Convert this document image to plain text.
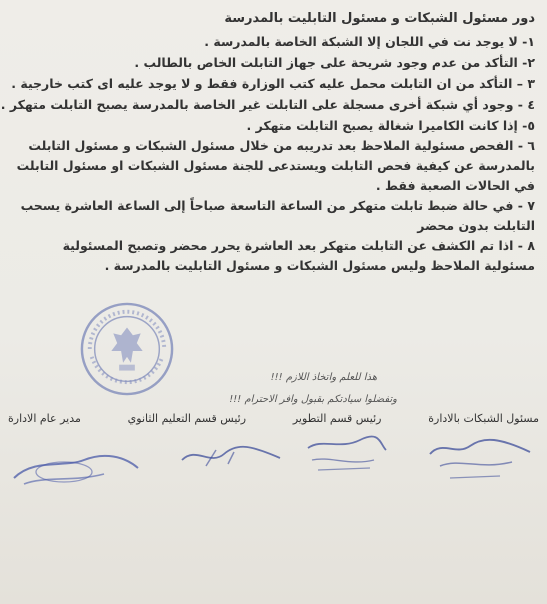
دور مسئول الشبكات و مسئول التابليت بالمدرسة
١- لا يوجد نت في اللجان إلا الشبكة الخاصة بالمدرسة .
٢- التأكد من عدم وجود شريحة على جهاز التابلت الخاص بالطالب .
٣ – التأكد من ان التابلت محمل عليه كتب الوزارة فقط و لا يوجد عليه اى كتب خارجية .
٤ - وجود أي شبكة أخرى مسجلة على التابلت غير الخاصة بالمدرسة يصبح التابلت متهكر .
٥- إذا كانت الكاميرا شغالة يصبح التابلت متهكر .
٦ - الفحص مسئولية الملاحظ بعد تدريبه من خلال مسئول الشبكات و مسئول التابلت بالمدرسة عن كيفية فحص التابلت ويستدعى للجنة مسئول الشبكات او مسئول التابلت في الحالات الصعبة فقط .
٧ - في حالة ضبط تابلت متهكر من الساعة التاسعة صباحاً إلى الساعة العاشرة يسحب التابلت بدون محضر
٨ - اذا تم الكشف عن التابلت متهكر بعد العاشرة يحرر محضر وتصبح المسئولية مسئولية الملاحظ وليس مسئول الشبكات و مسئول التابليت بالمدرسة .
هذا للعلم واتخاذ اللازم !!!
وتفضلوا سيادتكم بقبول وافر الاحترام !!!
مسئول الشبكات بالادارة
رئيس قسم التطوير
رئيس قسم التعليم الثانوي
مدير عام الادارة
